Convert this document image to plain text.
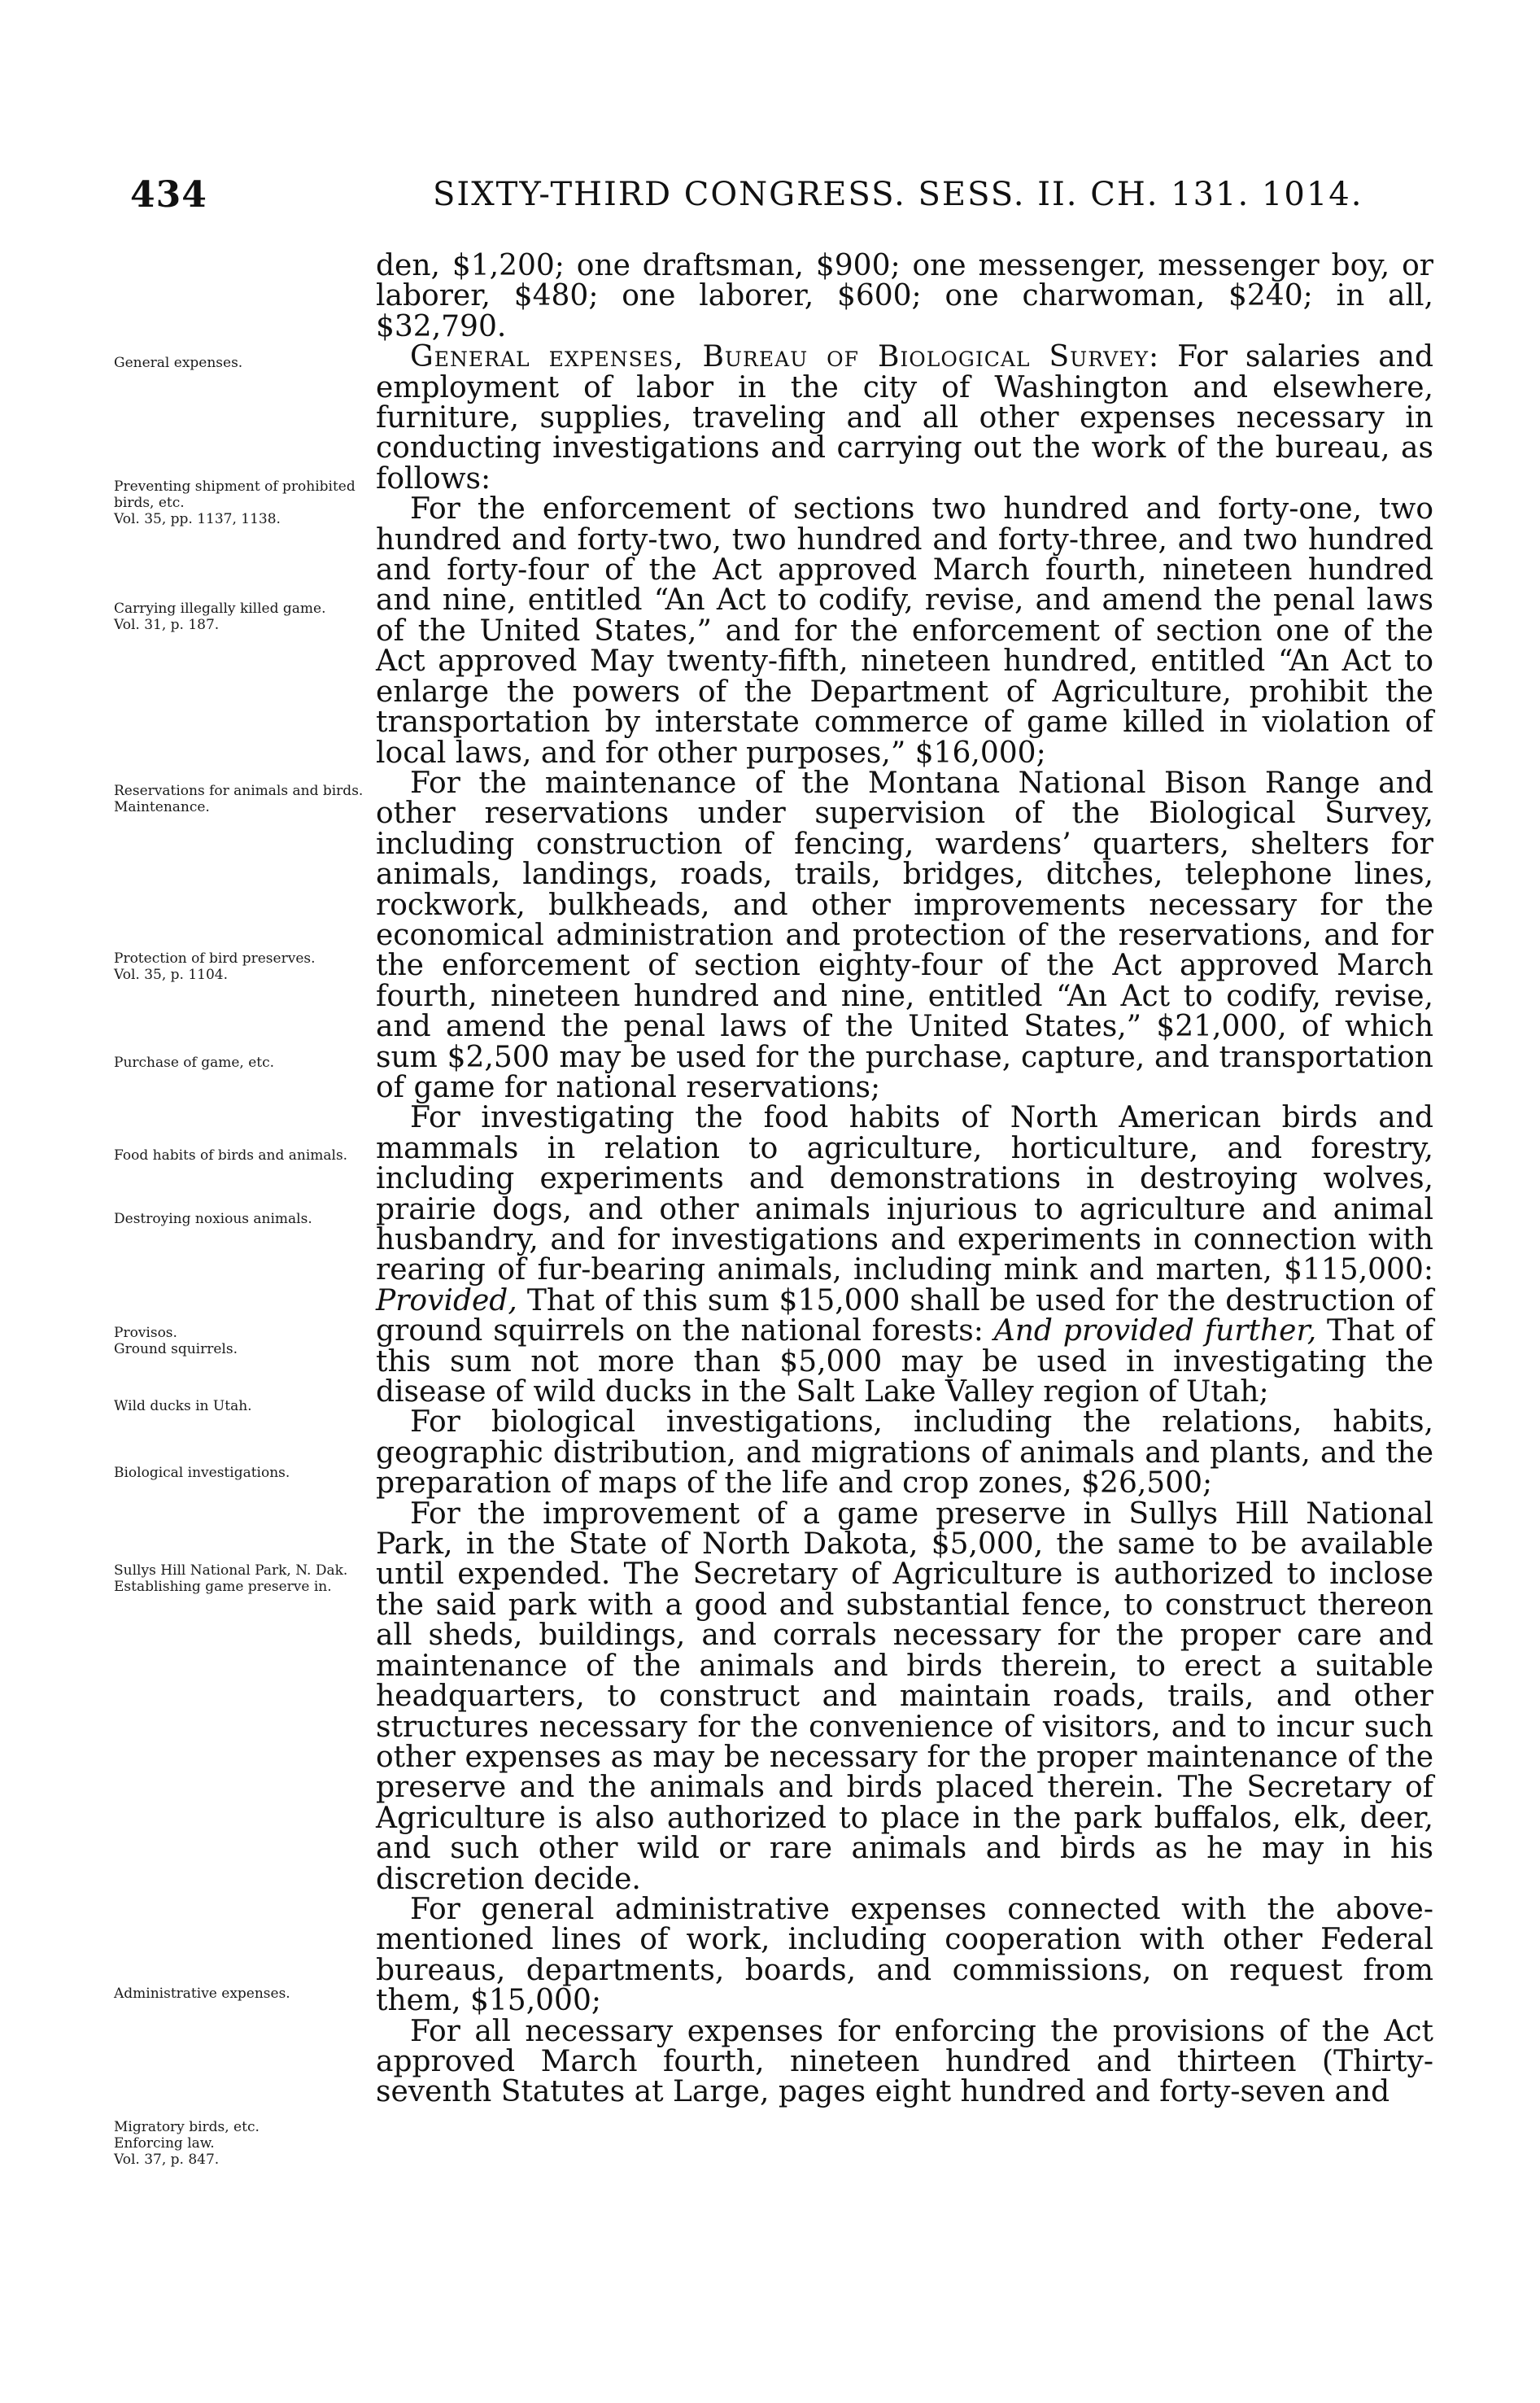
434	SIXTY-THIRD CONGRESS. SESS. II. CH. 131. 1014.
General expenses.
Preventing shipment of prohibited birds, etc.
Vol. 35, pp. 1137, 1138.
Carrying illegally killed game.
Vol. 31, p. 187.
Reservations for animals and birds.
Maintenance.
Protection of bird preserves.
Vol. 35, p. 1104.
Purchase of game, etc.
Food habits of birds and animals.
Destroying noxious animals.
Provisos.
Ground squirrels.
Wild ducks in Utah.
Biological investigations.
Sullys Hill National Park, N. Dak.
Establishing game preserve in.
Administrative expenses.
Migratory birds, etc.
Enforcing law.
Vol. 37, p. 847.

den, $1,200; one draftsman, $900; one messenger, messenger boy, or laborer, $480; one laborer, $600; one charwoman, $240; in all, $32,790.

General expenses, Bureau of Biological Survey: For salaries and employment of labor in the city of Washington and elsewhere, furniture, supplies, traveling and all other expenses necessary in conducting investigations and carrying out the work of the bureau, as follows:

For the enforcement of sections two hundred and forty-one, two hundred and forty-two, two hundred and forty-three, and two hundred and forty-four of the Act approved March fourth, nineteen hundred and nine, entitled “An Act to codify, revise, and amend the penal laws of the United States,” and for the enforcement of section one of the Act approved May twenty-fifth, nineteen hundred, entitled “An Act to enlarge the powers of the Department of Agriculture, prohibit the transportation by interstate commerce of game killed in violation of local laws, and for other purposes,” $16,000;

For the maintenance of the Montana National Bison Range and other reservations under supervision of the Biological Survey, including construction of fencing, wardens’ quarters, shelters for animals, landings, roads, trails, bridges, ditches, telephone lines, rockwork, bulkheads, and other improvements necessary for the economical administration and protection of the reservations, and for the enforcement of section eighty-four of the Act approved March fourth, nineteen hundred and nine, entitled “An Act to codify, revise, and amend the penal laws of the United States,” $21,000, of which sum $2,500 may be used for the purchase, capture, and transportation of game for national reservations;

For investigating the food habits of North American birds and mammals in relation to agriculture, horticulture, and forestry, including experiments and demonstrations in destroying wolves, prairie dogs, and other animals injurious to agriculture and animal husbandry, and for investigations and experiments in connection with rearing of fur-bearing animals, including mink and marten, $115,000: Provided, That of this sum $15,000 shall be used for the destruction of ground squirrels on the national forests: And provided further, That of this sum not more than $5,000 may be used in investigating the disease of wild ducks in the Salt Lake Valley region of Utah;

For biological investigations, including the relations, habits, geographic distribution, and migrations of animals and plants, and the preparation of maps of the life and crop zones, $26,500;

For the improvement of a game preserve in Sullys Hill National Park, in the State of North Dakota, $5,000, the same to be available until expended. The Secretary of Agriculture is authorized to inclose the said park with a good and substantial fence, to construct thereon all sheds, buildings, and corrals necessary for the proper care and maintenance of the animals and birds therein, to erect a suitable headquarters, to construct and maintain roads, trails, and other structures necessary for the convenience of visitors, and to incur such other expenses as may be necessary for the proper maintenance of the preserve and the animals and birds placed therein. The Secretary of Agriculture is also authorized to place in the park buffalos, elk, deer, and such other wild or rare animals and birds as he may in his discretion decide.

For general administrative expenses connected with the above-mentioned lines of work, including cooperation with other Federal bureaus, departments, boards, and commissions, on request from them, $15,000;

For all necessary expenses for enforcing the provisions of the Act approved March fourth, nineteen hundred and thirteen (Thirty-seventh Statutes at Large, pages eight hundred and forty-seven and
